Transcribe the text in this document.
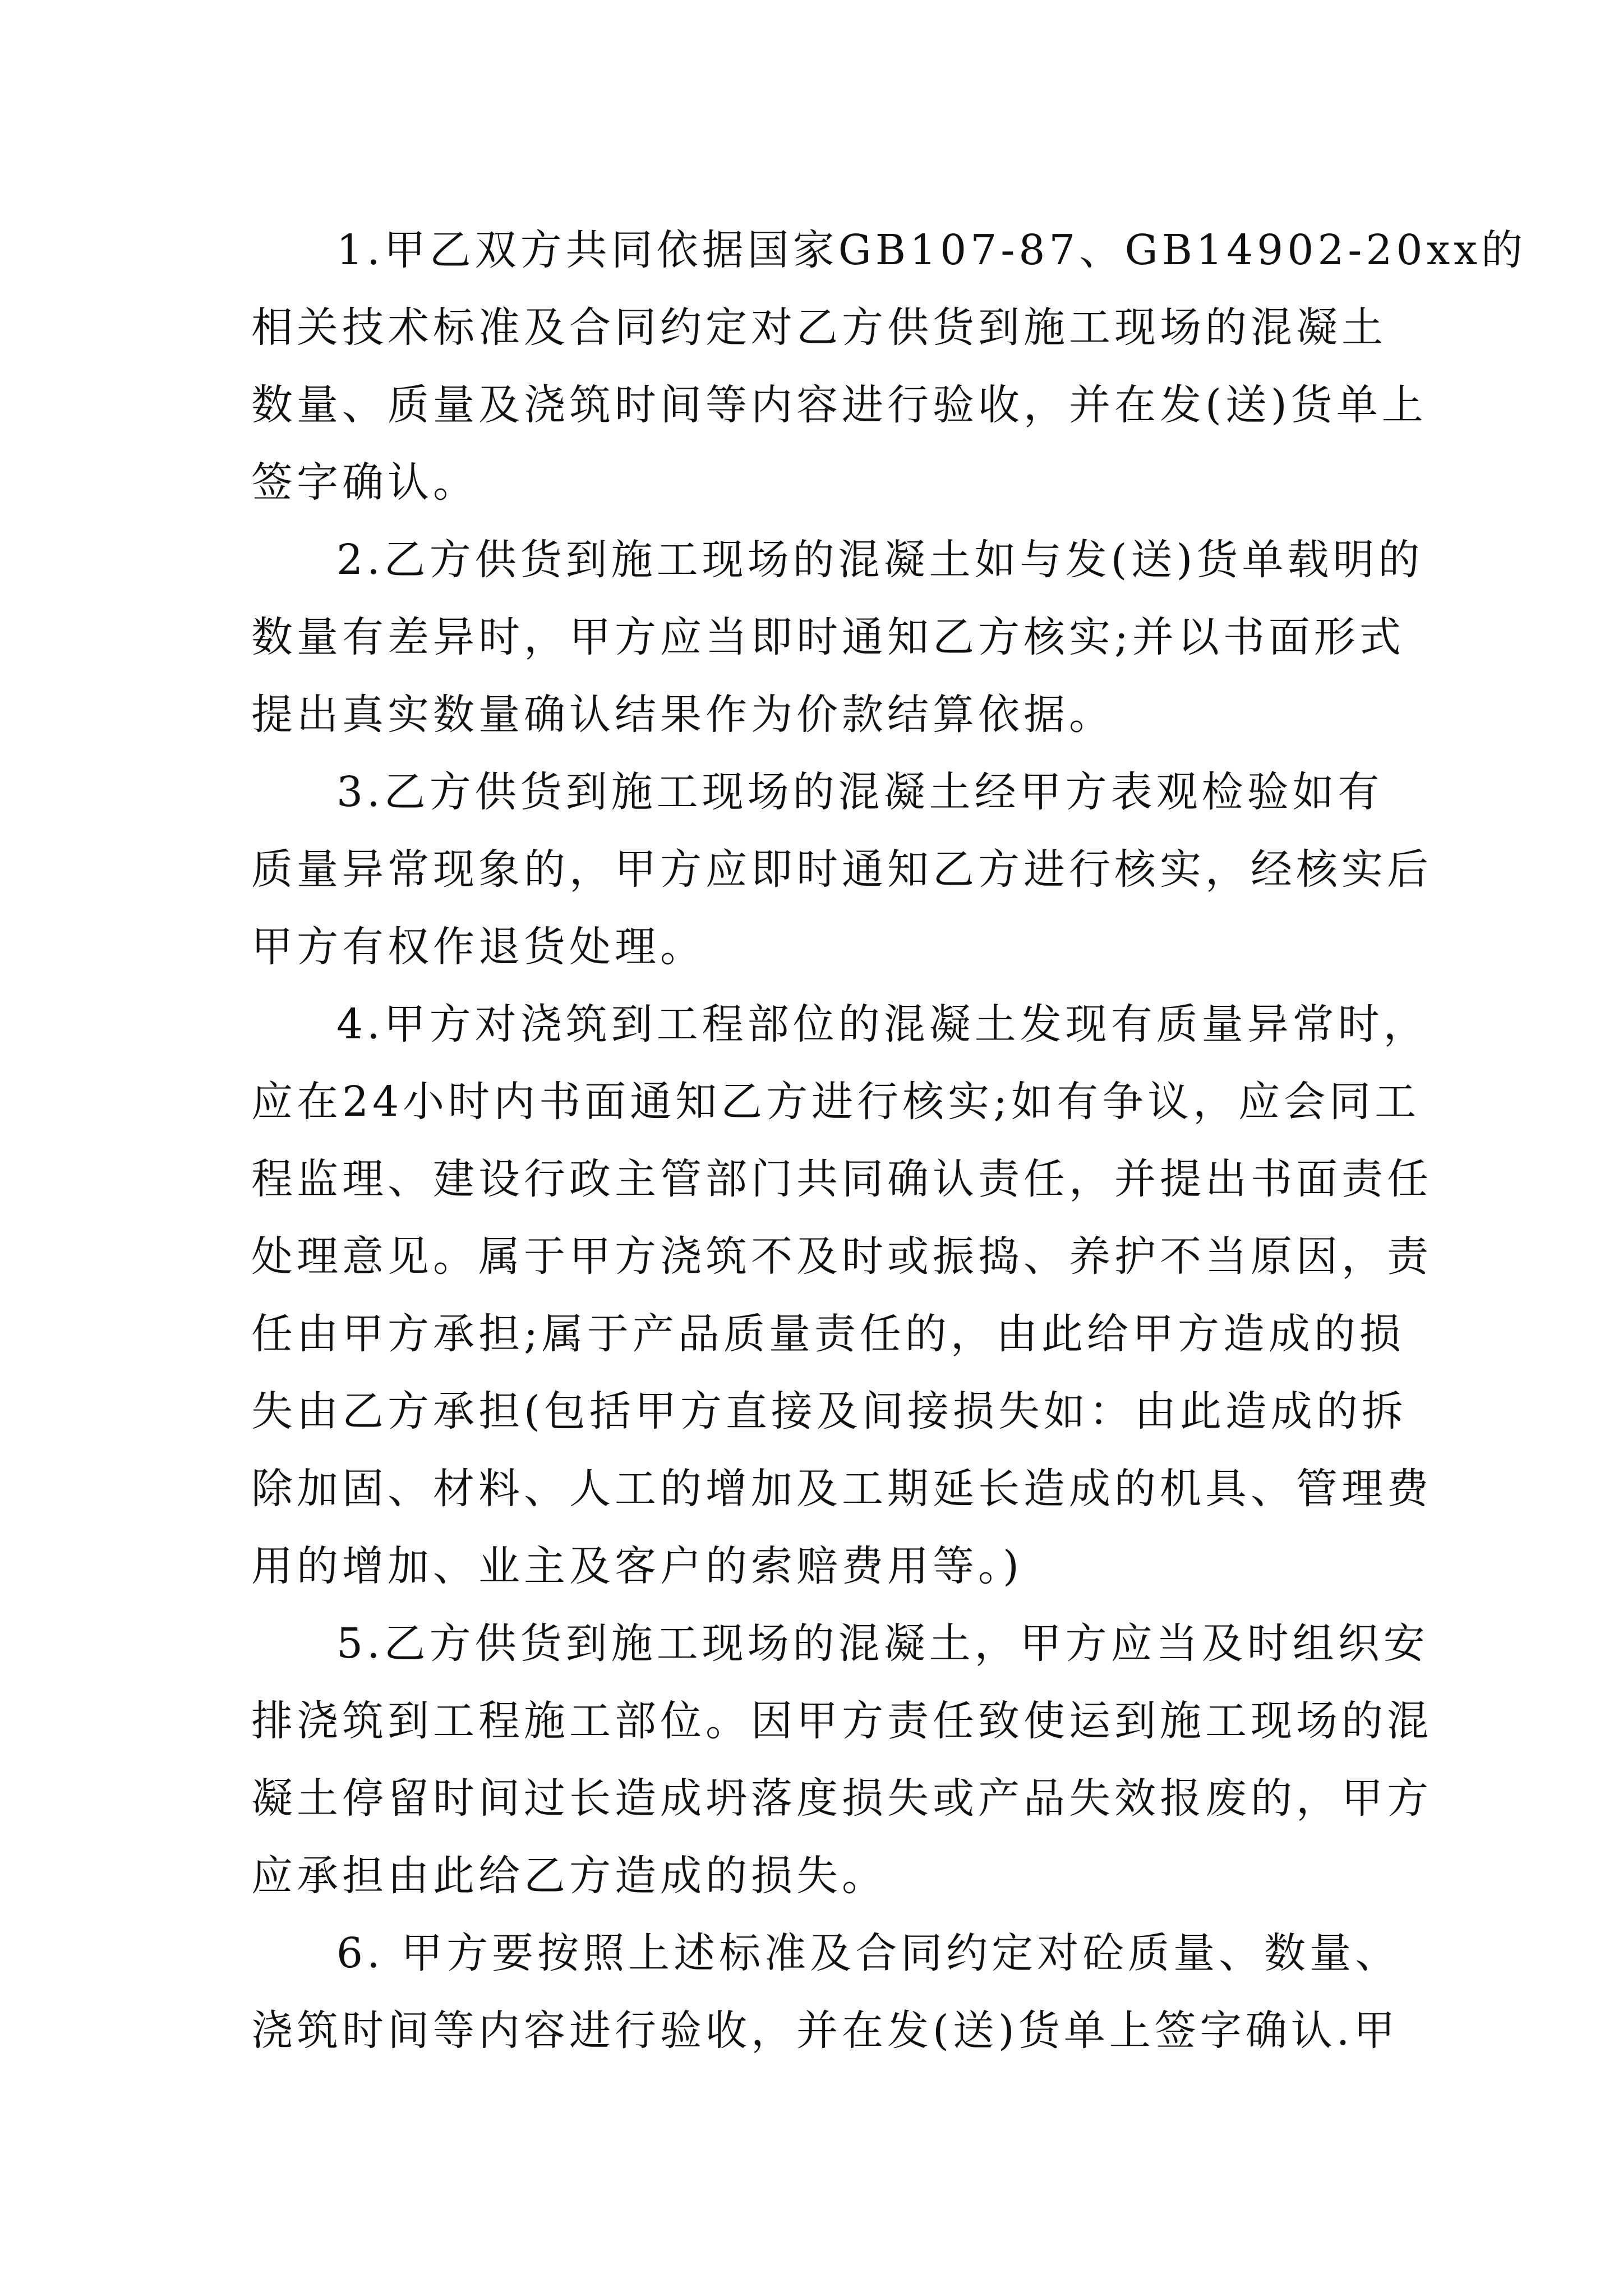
1.甲乙双方共同依据国家GB107-87、GB14902-20xx的
相关技术标准及合同约定对乙方供货到施工现场的混凝土
数量、质量及浇筑时间等内容进行验收，并在发(送)货单上
签字确认。
2.乙方供货到施工现场的混凝土如与发(送)货单载明的
数量有差异时，甲方应当即时通知乙方核实;并以书面形式
提出真实数量确认结果作为价款结算依据。
3.乙方供货到施工现场的混凝土经甲方表观检验如有
质量异常现象的，甲方应即时通知乙方进行核实，经核实后
甲方有权作退货处理。
4.甲方对浇筑到工程部位的混凝土发现有质量异常时，
应在24小时内书面通知乙方进行核实;如有争议，应会同工
程监理、建设行政主管部门共同确认责任，并提出书面责任
处理意见。属于甲方浇筑不及时或振捣、养护不当原因，责
任由甲方承担;属于产品质量责任的，由此给甲方造成的损
失由乙方承担(包括甲方直接及间接损失如：由此造成的拆
除加固、材料、人工的增加及工期延长造成的机具、管理费
用的增加、业主及客户的索赔费用等。)
5.乙方供货到施工现场的混凝土，甲方应当及时组织安
排浇筑到工程施工部位。因甲方责任致使运到施工现场的混
凝土停留时间过长造成坍落度损失或产品失效报废的，甲方
应承担由此给乙方造成的损失。
6. 甲方要按照上述标准及合同约定对砼质量、数量、
浇筑时间等内容进行验收，并在发(送)货单上签字确认.甲
